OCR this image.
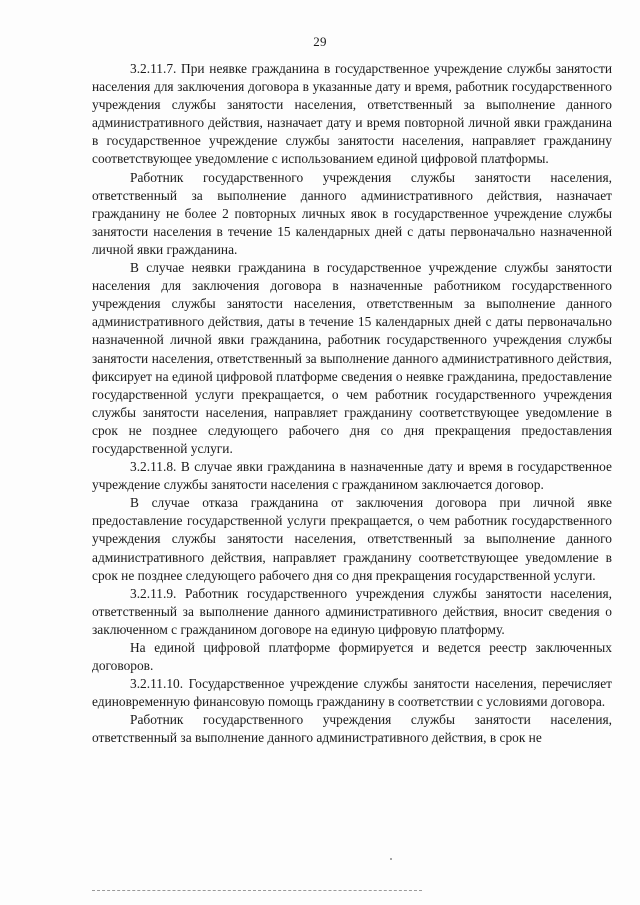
29

3.2.11.7. При неявке гражданина в государственное учреждение службы занятости населения для заключения договора в указанные дату и время, работник государственного учреждения службы занятости населения, ответственный за выполнение данного административного действия, назначает дату и время повторной личной явки гражданина в государственное учреждение службы занятости населения, направляет гражданину соответствующее уведомление с использованием единой цифровой платформы.

Работник государственного учреждения службы занятости населения, ответственный за выполнение данного административного действия, назначает гражданину не более 2 повторных личных явок в государственное учреждение службы занятости населения в течение 15 календарных дней с даты первоначально назначенной личной явки гражданина.

В случае неявки гражданина в государственное учреждение службы занятости населения для заключения договора в назначенные работником государственного учреждения службы занятости населения, ответственным за выполнение данного административного действия, даты в течение 15 календарных дней с даты первоначально назначенной личной явки гражданина, работник государственного учреждения службы занятости населения, ответственный за выполнение данного административного действия, фиксирует на единой цифровой платформе сведения о неявке гражданина, предоставление государственной услуги прекращается, о чем работник государственного учреждения службы занятости населения, направляет гражданину соответствующее уведомление в срок не позднее следующего рабочего дня со дня прекращения предоставления государственной услуги.

3.2.11.8. В случае явки гражданина в назначенные дату и время в государственное учреждение службы занятости населения с гражданином заключается договор.

В случае отказа гражданина от заключения договора при личной явке предоставление государственной услуги прекращается, о чем работник государственного учреждения службы занятости населения, ответственный за выполнение данного административного действия, направляет гражданину соответствующее уведомление в срок не позднее следующего рабочего дня со дня прекращения государственной услуги.

3.2.11.9. Работник государственного учреждения службы занятости населения, ответственный за выполнение данного административного действия, вносит сведения о заключенном с гражданином договоре на единую цифровую платформу.

На единой цифровой платформе формируется и ведется реестр заключенных договоров.

3.2.11.10. Государственное учреждение службы занятости населения, перечисляет единовременную финансовую помощь гражданину в соответствии с условиями договора.

Работник государственного учреждения службы занятости населения, ответственный за выполнение данного административного действия, в срок не
